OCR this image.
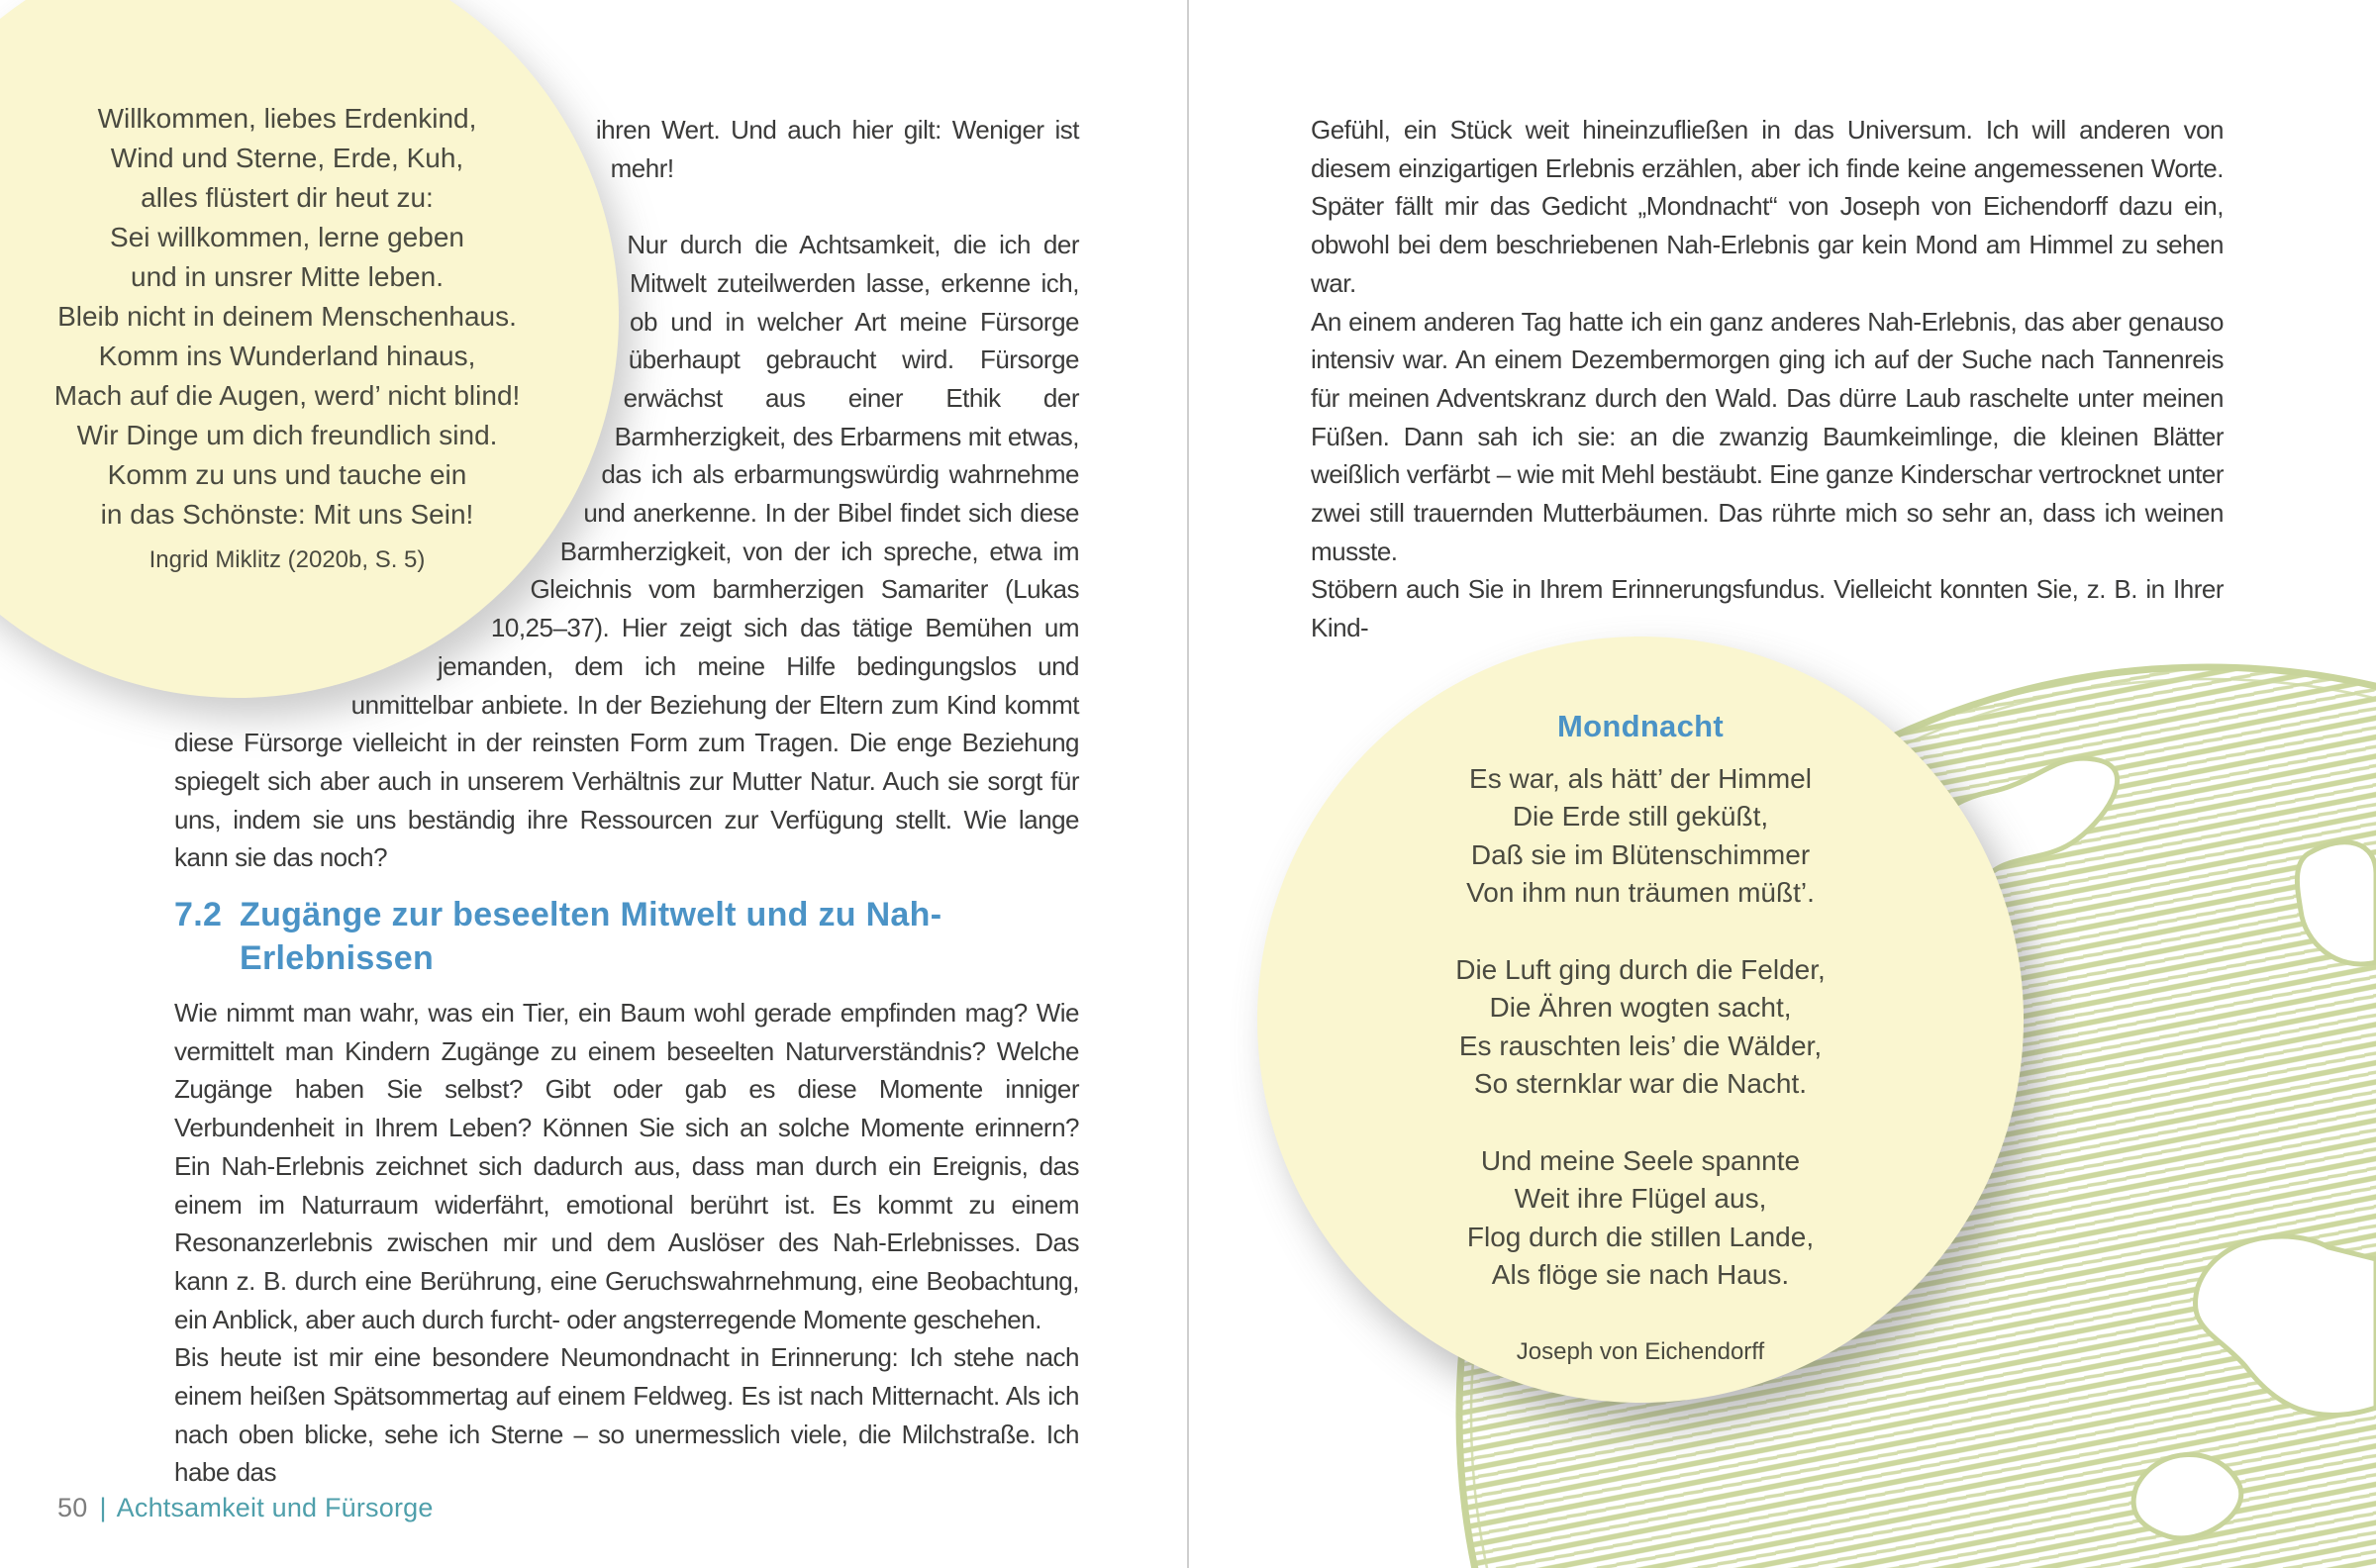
Willkommen, liebes Erdenkind,
Wind und Sterne, Erde, Kuh,
alles flüstert dir heut zu:
Sei willkommen, lerne geben
und in unsrer Mitte leben.
Bleib nicht in deinem Menschenhaus.
Komm ins Wunderland hinaus,
Mach auf die Augen, werd’ nicht blind!
Wir Dinge um dich freundlich sind.
Komm zu uns und tauche ein
in das Schönste: Mit uns Sein!
Ingrid Miklitz (2020b, S. 5)

ihren Wert. Und auch hier gilt: Weniger ist mehr!

Nur durch die Achtsamkeit, die ich der Mitwelt zuteilwerden lasse, erkenne ich, ob und in welcher Art meine Fürsorge überhaupt gebraucht wird. Fürsorge erwächst aus einer Ethik der Barmherzigkeit, des Erbarmens mit etwas, das ich als erbarmungswürdig wahrnehme und anerkenne. In der Bibel findet sich diese Barmherzigkeit, von der ich spreche, etwa im Gleichnis vom barmherzigen Samariter (Lukas 10,25–37). Hier zeigt sich das tätige Bemühen um jemanden, dem ich meine Hilfe bedingungslos und unmittelbar anbiete. In der Beziehung der Eltern zum Kind kommt diese Fürsorge vielleicht in der reinsten Form zum Tragen. Die enge Beziehung spiegelt sich aber auch in unserem Verhältnis zur Mutter Natur. Auch sie sorgt für uns, indem sie uns beständig ihre Ressourcen zur Verfügung stellt. Wie lange kann sie das noch?

7.2 Zugänge zur beseelten Mitwelt und zu Nah-Erlebnissen

Wie nimmt man wahr, was ein Tier, ein Baum wohl gerade empfinden mag? Wie vermittelt man Kindern Zugänge zu einem beseelten Naturverständnis? Welche Zugänge haben Sie selbst? Gibt oder gab es diese Momente inniger Verbundenheit in Ihrem Leben? Können Sie sich an solche Momente erinnern? Ein Nah-Erlebnis zeichnet sich dadurch aus, dass man durch ein Ereignis, das einem im Naturraum widerfährt, emotional berührt ist. Es kommt zu einem Resonanzerlebnis zwischen mir und dem Auslöser des Nah-Erlebnisses. Das kann z. B. durch eine Berührung, eine Geruchswahrnehmung, eine Beobachtung, ein Anblick, aber auch durch furcht- oder angsterregende Momente geschehen.

Bis heute ist mir eine besondere Neumondnacht in Erinnerung: Ich stehe nach einem heißen Spätsommertag auf einem Feldweg. Es ist nach Mitternacht. Als ich nach oben blicke, sehe ich Sterne – so unermesslich viele, die Milchstraße. Ich habe das

50 | Achtsamkeit und Fürsorge

Gefühl, ein Stück weit hineinzufließen in das Universum. Ich will anderen von diesem einzigartigen Erlebnis erzählen, aber ich finde keine angemessenen Worte. Später fällt mir das Gedicht „Mondnacht“ von Joseph von Eichendorff dazu ein, obwohl bei dem beschriebenen Nah-Erlebnis gar kein Mond am Himmel zu sehen war.

An einem anderen Tag hatte ich ein ganz anderes Nah-Erlebnis, das aber genauso intensiv war. An einem Dezembermorgen ging ich auf der Suche nach Tannenreis für meinen Adventskranz durch den Wald. Das dürre Laub raschelte unter meinen Füßen. Dann sah ich sie: an die zwanzig Baumkeimlinge, die kleinen Blätter weißlich verfärbt – wie mit Mehl bestäubt. Eine ganze Kinderschar vertrocknet unter zwei still trauernden Mutterbäumen. Das rührte mich so sehr an, dass ich weinen musste.

Stöbern auch Sie in Ihrem Erinnerungsfundus. Vielleicht konnten Sie, z. B. in Ihrer Kind-

Mondnacht
Es war, als hätt’ der Himmel
Die Erde still geküßt,
Daß sie im Blütenschimmer
Von ihm nun träumen müßt’.
Die Luft ging durch die Felder,
Die Ähren wogten sacht,
Es rauschten leis’ die Wälder,
So sternklar war die Nacht.
Und meine Seele spannte
Weit ihre Flügel aus,
Flog durch die stillen Lande,
Als flöge sie nach Haus.
Joseph von Eichendorff
